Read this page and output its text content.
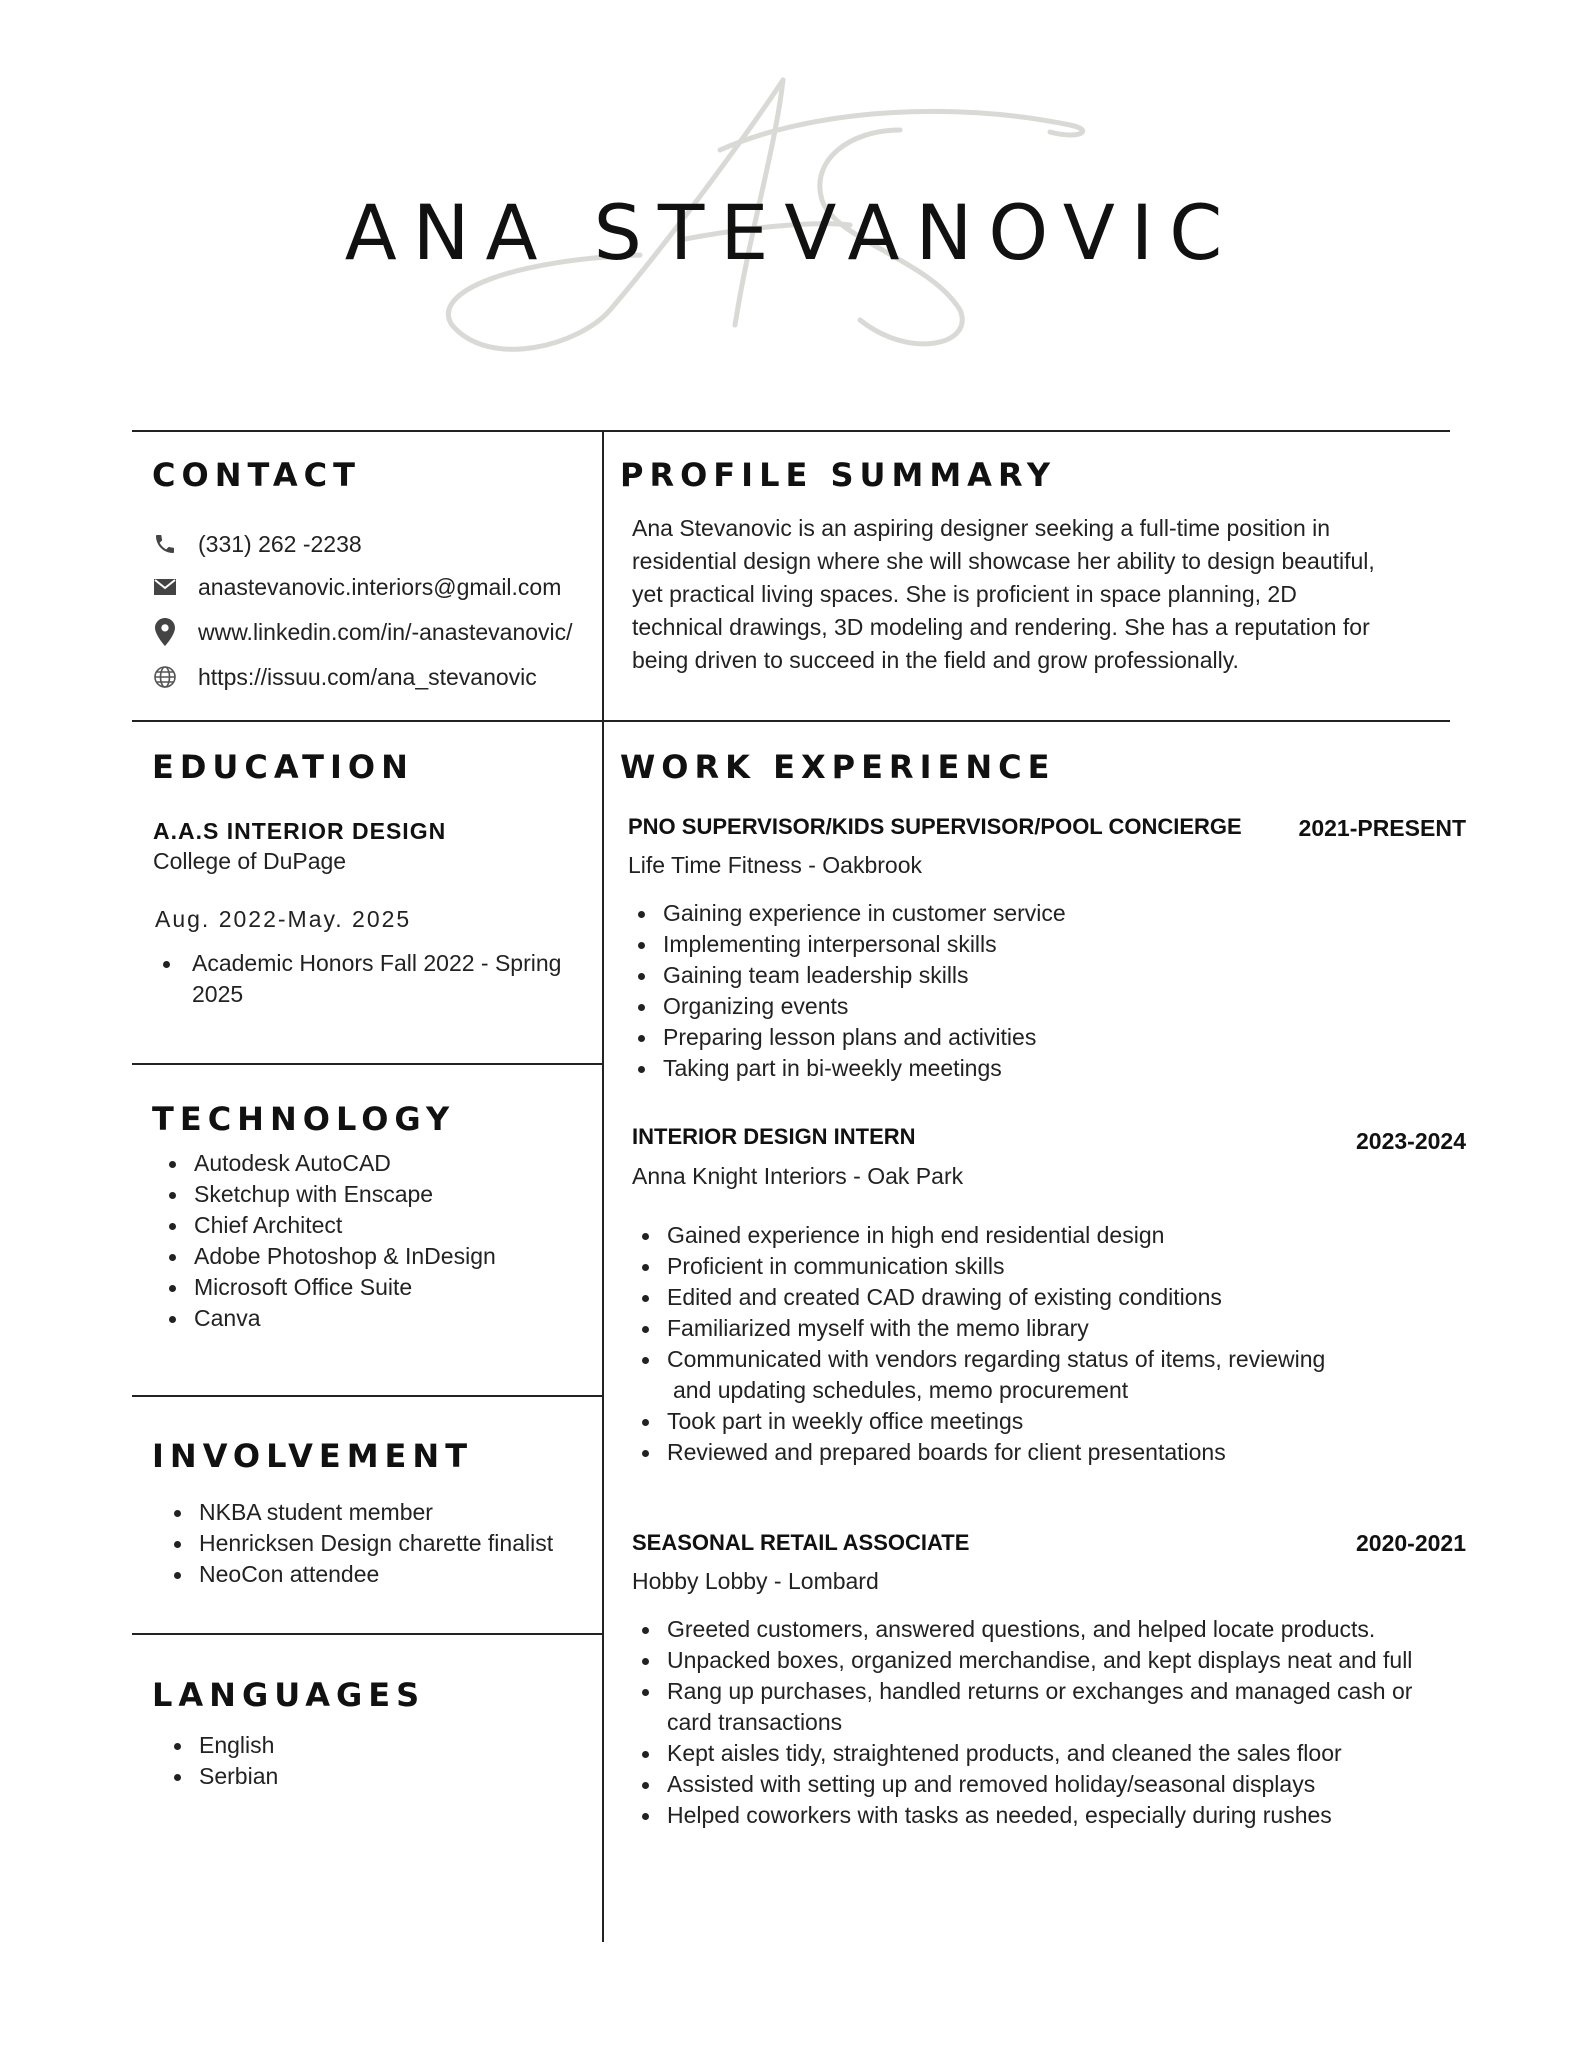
ANA STEVANOVIC
CONTACT
(331) 262 -2238
anastevanovic.interiors@gmail.com
www.linkedin.com/in/-anastevanovic/
https://issuu.com/ana_stevanovic
PROFILE SUMMARY
Ana Stevanovic is an aspiring designer seeking a full-time position in residential design where she will showcase her ability to design beautiful, yet practical living spaces. She is proficient in space planning, 2D technical drawings, 3D modeling and rendering. She has a reputation for being driven to succeed in the field and grow professionally.
EDUCATION
A.A.S INTERIOR DESIGN
College of DuPage
Aug. 2022-May. 2025
Academic Honors Fall 2022 - Spring
2025
TECHNOLOGY
Autodesk AutoCAD
Sketchup with Enscape
Chief Architect
Adobe Photoshop & InDesign
Microsoft Office Suite
Canva
INVOLVEMENT
NKBA student member
Henricksen Design charette finalist
NeoCon attendee
LANGUAGES
English
Serbian
WORK EXPERIENCE
PNO SUPERVISOR/KIDS SUPERVISOR/POOL CONCIERGE 2021-PRESENT
Life Time Fitness - Oakbrook
Gaining experience in customer service
Implementing interpersonal skills
Gaining team leadership skills
Organizing events
Preparing lesson plans and activities
Taking part in bi-weekly meetings
INTERIOR DESIGN INTERN	2023-2024
Anna Knight Interiors - Oak Park
Gained experience in high end residential design
Proficient in communication skills
Edited and created CAD drawing of existing conditions
Familiarized myself with the memo library
Communicated with vendors regarding status of items, reviewing
and updating schedules, memo procurement
Took part in weekly office meetings
Reviewed and prepared boards for client presentations
SEASONAL RETAIL ASSOCIATE	2020-2021
Hobby Lobby - Lombard
Greeted customers, answered questions, and helped locate products.
Unpacked boxes, organized merchandise, and kept displays neat and full
Rang up purchases, handled returns or exchanges and managed cash or
card transactions
Kept aisles tidy, straightened products, and cleaned the sales floor
Assisted with setting up and removed holiday/seasonal displays
Helped coworkers with tasks as needed, especially during rushes
